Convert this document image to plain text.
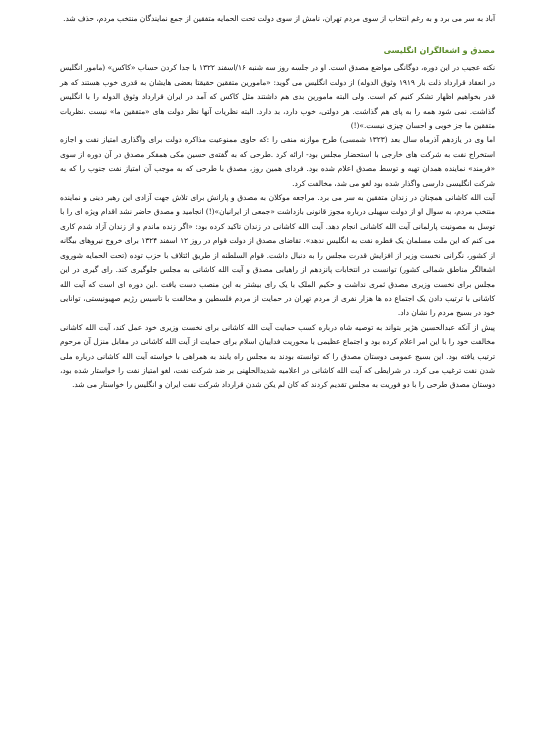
آباد به سر می برد و به رغم انتخاب از سوی مردم تهران، نامش از سوی دولت تحت الحمایه متفقین از جمع نمایندگان منتخب مردم، حذف شد.

مصدق و اشغالگران انگلیسی

نکته عجیب در این دوره، دوگانگی مواضع مصدق است. او در جلسه روز سه شنبه ۱۶/اسفند ۱۳۲۲ با جدا کردن حساب «کاکس» (مامور انگلیس در انعقاد قرارداد ذلت بار ۱۹۱۹ وثوق الدوله) از دولت انگلیس می گوید: «مامورین متفقین حقیقتا بعضی هایشان به قدری خوب هستند که هر قدر بخواهیم اظهار تشکر کنیم کم است. ولی البته مامورین بدی هم داشتند مثل کاکس که آمد در ایران قرارداد وثوق الدوله را با انگلیس گذاشت. نمی شود همه را به پای هم گذاشت. هر دولتی، خوب دارد، بد دارد. البته نظریات آنها نظر دولت های «متفقین ما» نیست .نظریات متفقین ما جز خوبی و احسان چیزی نیست.»(!)

اما وی در یازدهم آذرماه سال بعد (۱۳۲۳ شمسی) طرح موازنه منفی را :که حاوی ممنوعیت مذاکره دولت برای واگذاری امتیاز نفت و اجازه استخراج نفت به شرکت های خارجی با استحضار مجلس بود- ارائه کرد .طرحی که به گفته‌ی حسین مکی همفکر مصدق در آن دوره از سوی «فرمند» نماینده همدان تهیه و توسط مصدق اعلام شده بود. فردای همین روز، مصدق با طرحی که به موجب آن امتیاز نفت جنوب را که به شرکت انگلیسی دارسی واگذار شده بود لغو می شد، مخالفت کرد.

آیت الله کاشانی همچنان در زندان متفقین به سر می برد. مراجعه موکلان به مصدق و پارانش برای تلاش جهت آزادی این رهبر دینی و نماینده منتخب مردم، به سوال او از دولت سهیلی درباره مجوز قانونی بازداشت «جمعی از ایرانیان»(!) انجامید و مصدق حاضر نشد اقدام ویژه ای را با توسل به مصونیت پارلمانی آیت الله کاشانی انجام دهد. آیت الله کاشانی در زندان تاکید کرده بود: «اگر زنده ماندم و از زندان آزاد شدم کاری می کنم که این ملت مسلمان یک قطره نفت به انگلیس ندهد». تقاضای مصدق از دولت قوام در روز ۱۲ اسفند ۱۳۲۴ برای خروج نیروهای بیگانه از کشور، نگرانی نخست وزیر از افزایش قدرت مجلس را به دنبال داشت. قوام السلطنه از طریق ائتلاف با حزب توده (تحت الحمایه شوروی اشغالگر مناطق شمالی کشور) توانست در انتخابات پانزدهم از راهیابی مصدق و آیت الله کاشانی به مجلس جلوگیری کند. رای گیری در این مجلس برای نخست وزیری مصدق ثمری نداشت و حکیم الملک با یک رای بیشتر به این منصب دست یافت .این دوره ای است که آیت الله کاشانی با ترتیب دادن یک اجتماع ده ها هزار نفری از مردم تهران در حمایت از مردم فلسطین و مخالفت با تاسیس رژیم صهیونیستی، توانایی خود در بسیج مردم را نشان داد.

پیش از آنکه عبدالحسین هژیر بتواند به توصیه شاه درباره کسب حمایت آیت الله کاشانی برای نخست وزیری خود عمل کند، آیت الله کاشانی مخالفت خود را با این امر اعلام کرده بود و اجتماع عظیمی با محوریت فداییان اسلام برای حمایت از آیت الله کاشانی در مقابل منزل آن مرحوم ترتیب یافته بود. این بسیج عمومی دوستان مصدق را که توانسته بودند به مجلس راه یابند به همراهی با خواسته آیت الله کاشانی درباره ملی شدن نفت ترغیب می کرد. در شرایطی که آیت الله کاشانی در اعلامیه شدیدالحلهنی بر ضد شرکت نفت، لغو امتیاز نفت را خواستار شده بود، دوستان مصدق طرحی را با دو فوریت به مجلس تقدیم کردند که کان لم یکن شدن قرارداد شرکت نفت ایران و انگلیس را خواستار می شد.
